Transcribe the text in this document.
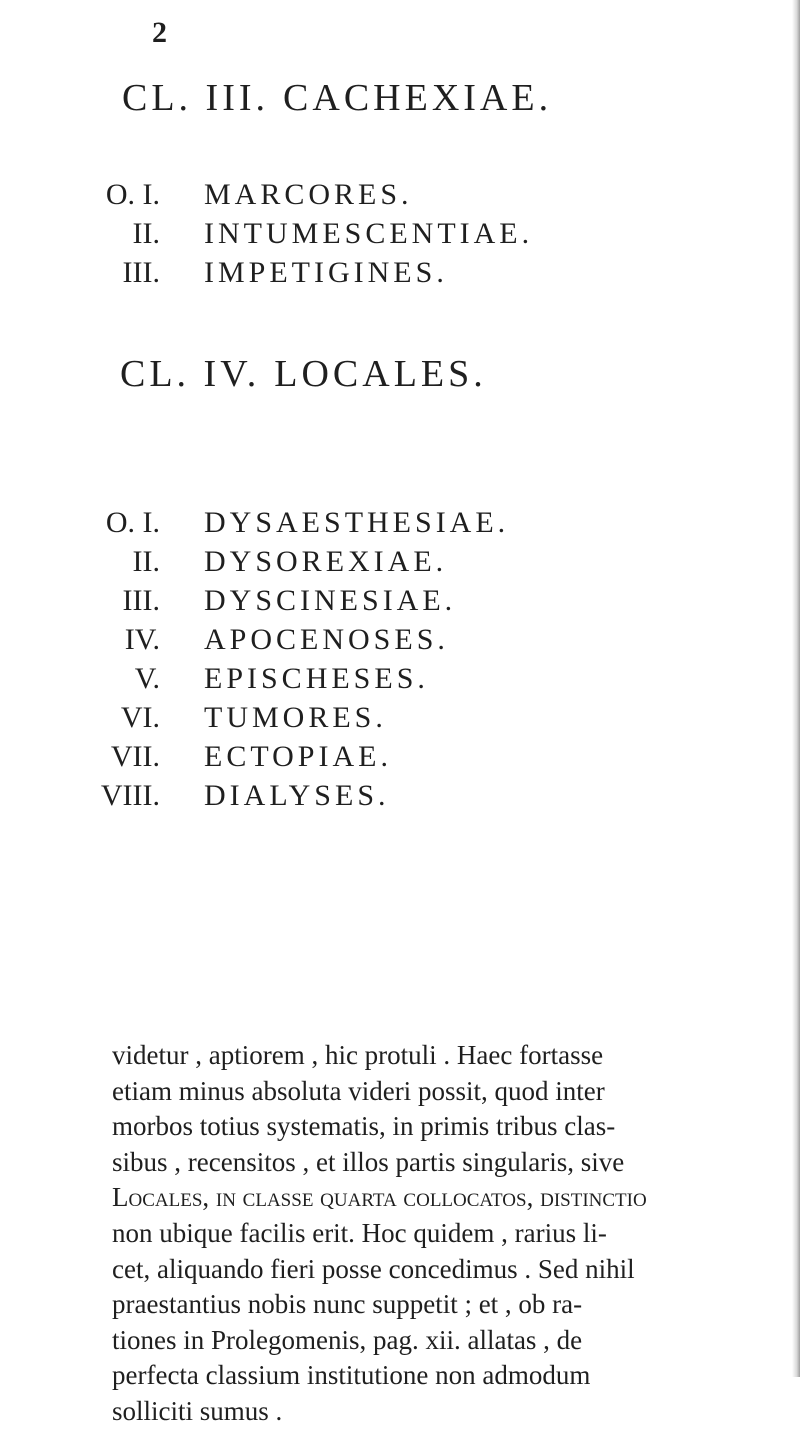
2
CL. III. CACHEXIAE.
O. I. MARCORES.
II. INTUMESCENTIAE.
III. IMPETIGINES.
CL. IV. LOCALES.
O. I. DYSAESTHESIAE.
II. DYSOREXIAE.
III. DYSCINESIAE.
IV. APOCENOSES.
V. EPISCHESES.
VI. TUMORES.
VII. ECTOPIAE.
VIII. DIALYSES.
videtur , aptiorem , hic protuli . Haec fortasse
etiam minus absoluta videri possit, quod inter
morbos totius systematis, in primis tribus clas-
sibus , recensitos , et illos partis singularis, sive
Locales, in classe quarta collocatos, distinctio
non ubique facilis erit. Hoc quidem , rarius li-
cet, aliquando fieri posse concedimus . Sed nihil
praestantius nobis nunc suppetit ; et , ob ra-
tiones in Prolegomenis, pag. xii. allatas , de
perfecta classium institutione non admodum
solliciti sumus .
